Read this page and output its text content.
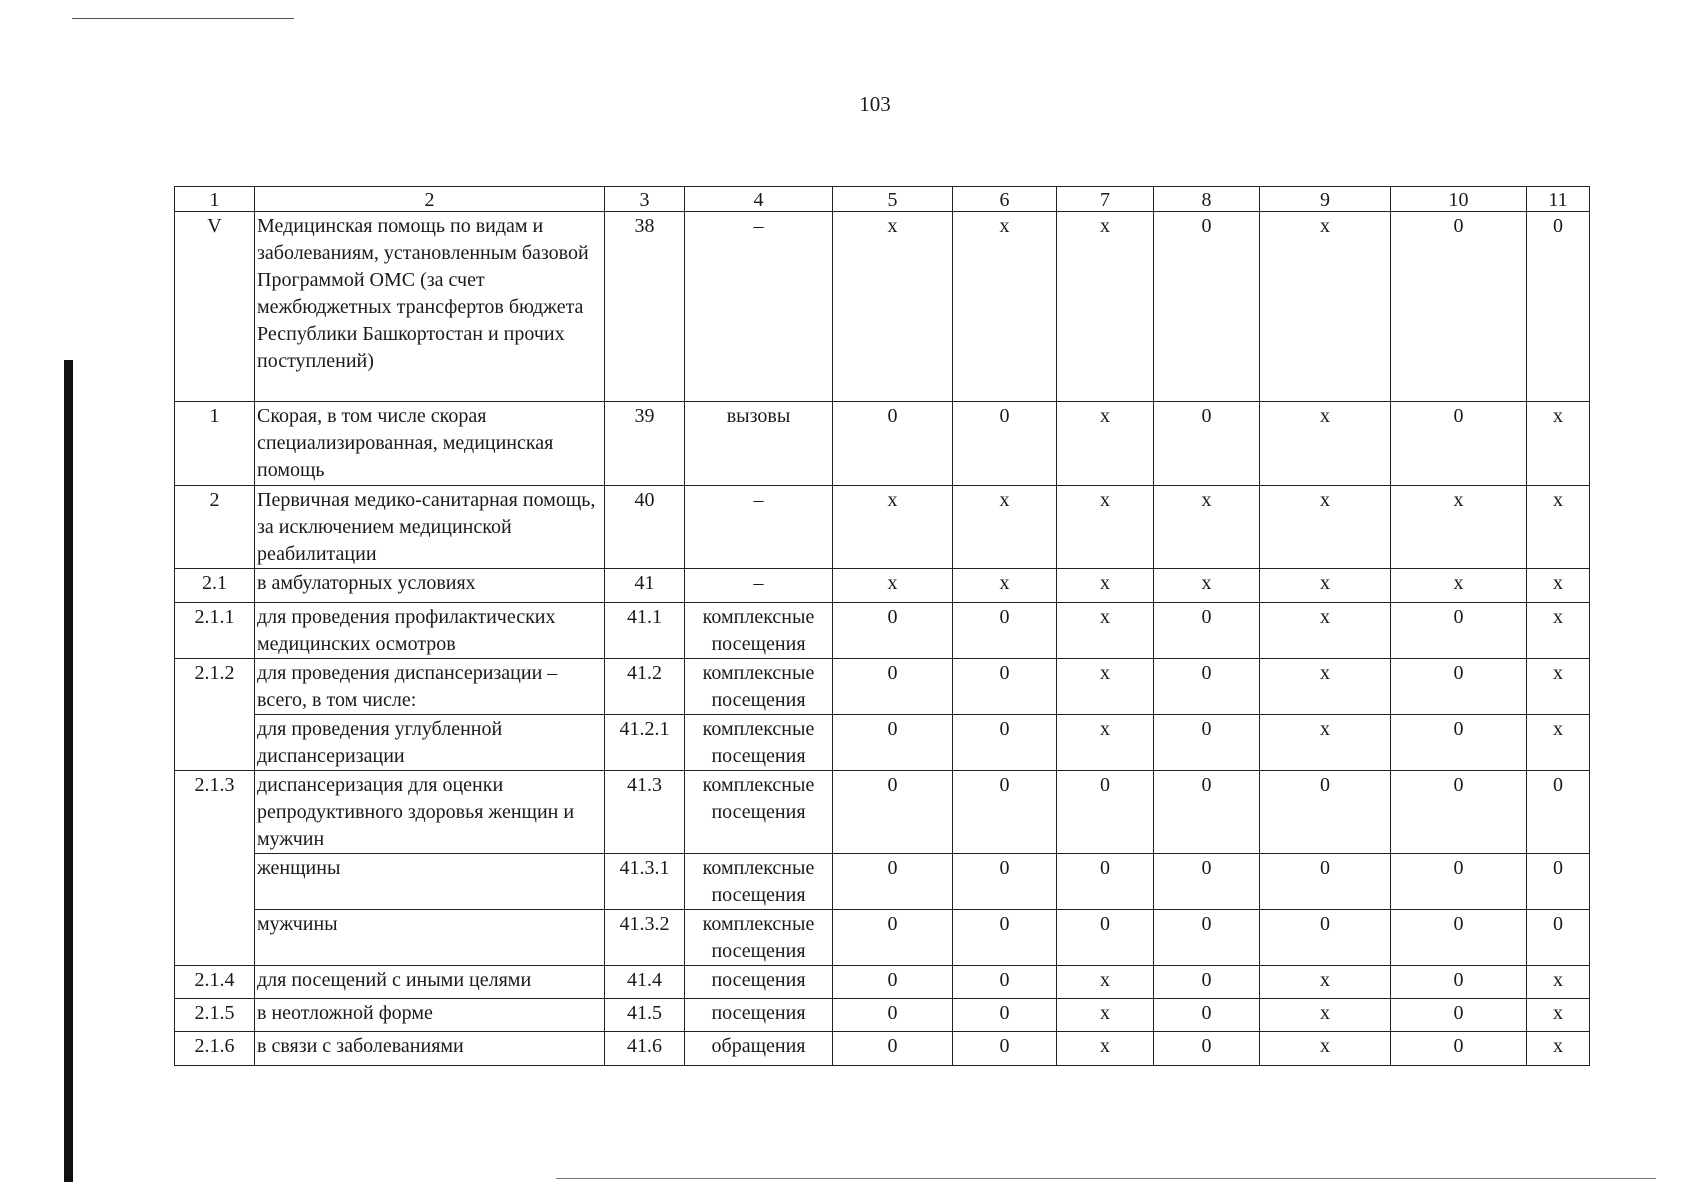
103
1	2	3	4	5	6	7	8	9	10	11
V	Медицинская помощь по видам и заболеваниям, установленным базовой Программой ОМС (за счет межбюджетных трансфертов бюджета Республики Башкортостан и прочих поступлений)	38	–	х	х	х	0	х	0	0
1	Скорая, в том числе скорая специализированная, медицинская помощь	39	вызовы	0	0	х	0	х	0	х
2	Первичная медико-санитарная помощь, за исключением медицинской реабилитации	40	–	х	х	х	х	х	х	х
2.1	в амбулаторных условиях	41	–	х	х	х	х	х	х	х
2.1.1	для проведения профилактических медицинских осмотров	41.1	комплексные посещения	0	0	х	0	х	0	х
2.1.2	для проведения диспансеризации – всего, в том числе:	41.2	комплексные посещения	0	0	х	0	х	0	х
	для проведения углубленной диспансеризации	41.2.1	комплексные посещения	0	0	х	0	х	0	х
2.1.3	диспансеризация для оценки репродуктивного здоровья женщин и мужчин	41.3	комплексные посещения	0	0	0	0	0	0	0
	женщины	41.3.1	комплексные посещения	0	0	0	0	0	0	0
	мужчины	41.3.2	комплексные посещения	0	0	0	0	0	0	0
2.1.4	для посещений с иными целями	41.4	посещения	0	0	х	0	х	0	х
2.1.5	в неотложной форме	41.5	посещения	0	0	х	0	х	0	х
2.1.6	в связи с заболеваниями	41.6	обращения	0	0	х	0	х	0	х
